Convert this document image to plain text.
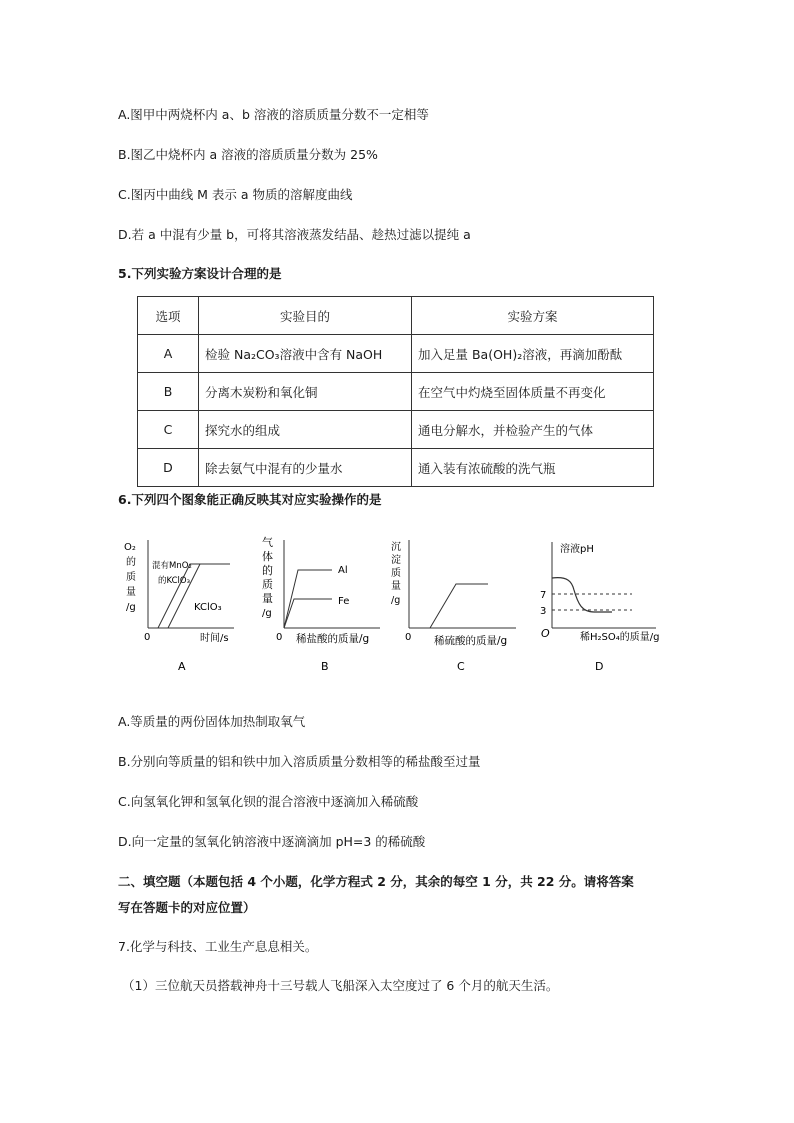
A.图甲中两烧杯内 a、b 溶液的溶质质量分数不一定相等
B.图乙中烧杯内 a 溶液的溶质质量分数为 25%
C.图丙中曲线 M 表示 a 物质的溶解度曲线
D.若 a 中混有少量 b，可将其溶液蒸发结晶、趁热过滤以提纯 a
5.下列实验方案设计合理的是
选项	实验目的	实验方案
A	检验 Na₂CO₃溶液中含有 NaOH	加入足量 Ba(OH)₂溶液，再滴加酚酞
B	分离木炭粉和氧化铜	在空气中灼烧至固体质量不再变化
C	探究水的组成	通电分解水，并检验产生的气体
D	除去氨气中混有的少量水	通入装有浓硫酸的洗气瓶
6.下列四个图象能正确反映其对应实验操作的是
O₂
的
质
量
/g
混有MnO₂
的KClO₃
KClO₃
0	时间/s
A
气
体
的
质
量
/g
Al
Fe
0 稀盐酸的质量/g
B
沉
淀
质
量
/g
0 稀硫酸的质量/g
C
溶液pH
7
3
O	稀H₂SO₄的质量/g
D
A.等质量的两份固体加热制取氧气
B.分别向等质量的铝和铁中加入溶质质量分数相等的稀盐酸至过量
C.向氢氧化钾和氢氧化钡的混合溶液中逐滴加入稀硫酸
D.向一定量的氢氧化钠溶液中逐滴滴加 pH=3 的稀硫酸
二、填空题（本题包括 4 个小题，化学方程式 2 分，其余的每空 1 分，共 22 分。请将答案
写在答题卡的对应位置）
7.化学与科技、工业生产息息相关。
（1）三位航天员搭载神舟十三号载人飞船深入太空度过了 6 个月的航天生活。
